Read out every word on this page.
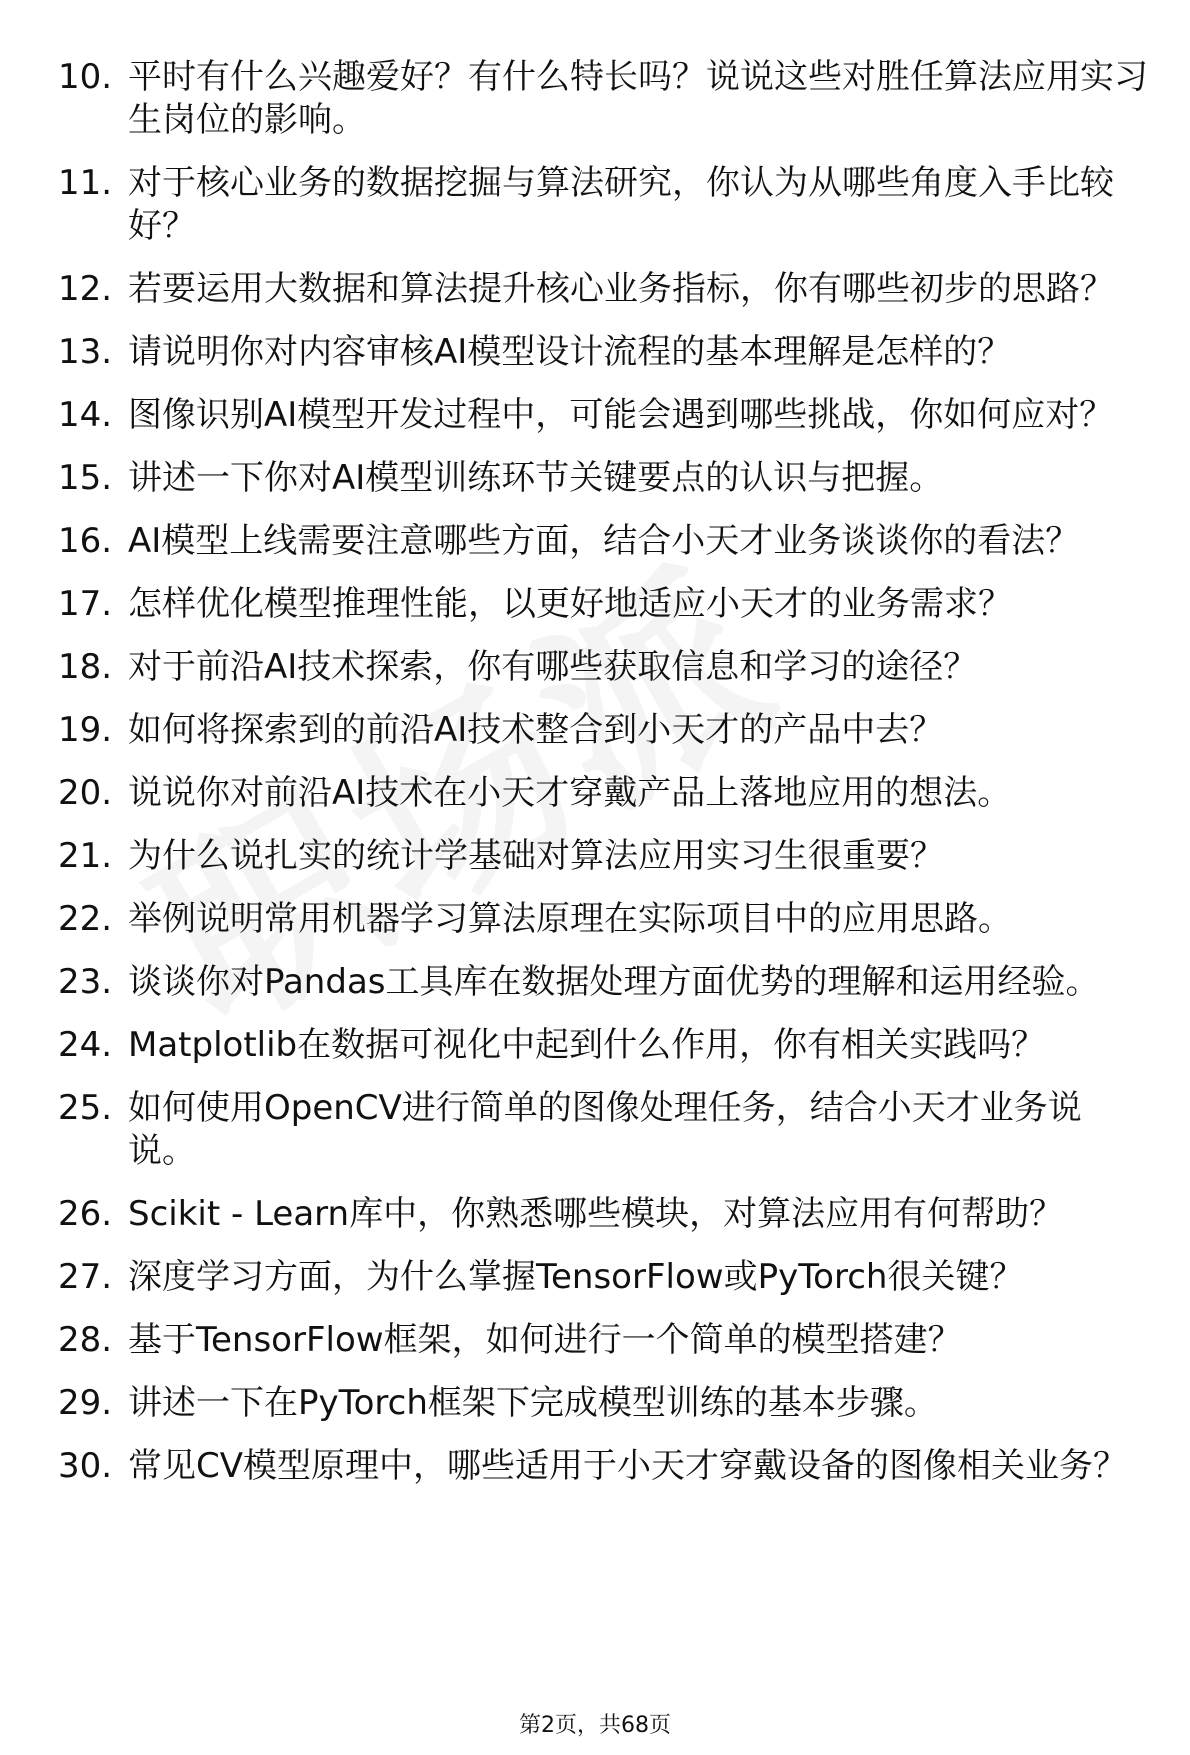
10. 平时有什么兴趣爱好？有什么特长吗？说说这些对胜任算法应用实习生岗位的影响。
11. 对于核心业务的数据挖掘与算法研究，你认为从哪些角度入手比较好？
12. 若要运用大数据和算法提升核心业务指标，你有哪些初步的思路？
13. 请说明你对内容审核AI模型设计流程的基本理解是怎样的？
14. 图像识别AI模型开发过程中，可能会遇到哪些挑战，你如何应对？
15. 讲述一下你对AI模型训练环节关键要点的认识与把握。
16. AI模型上线需要注意哪些方面，结合小天才业务谈谈你的看法？
17. 怎样优化模型推理性能，以更好地适应小天才的业务需求？
18. 对于前沿AI技术探索，你有哪些获取信息和学习的途径？
19. 如何将探索到的前沿AI技术整合到小天才的产品中去？
20. 说说你对前沿AI技术在小天才穿戴产品上落地应用的想法。
21. 为什么说扎实的统计学基础对算法应用实习生很重要？
22. 举例说明常用机器学习算法原理在实际项目中的应用思路。
23. 谈谈你对Pandas工具库在数据处理方面优势的理解和运用经验。
24. Matplotlib在数据可视化中起到什么作用，你有相关实践吗？
25. 如何使用OpenCV进行简单的图像处理任务，结合小天才业务说说。
26. Scikit - Learn库中，你熟悉哪些模块，对算法应用有何帮助？
27. 深度学习方面，为什么掌握TensorFlow或PyTorch很关键？
28. 基于TensorFlow框架，如何进行一个简单的模型搭建？
29. 讲述一下在PyTorch框架下完成模型训练的基本步骤。
30. 常见CV模型原理中，哪些适用于小天才穿戴设备的图像相关业务？
第2页，共68页
